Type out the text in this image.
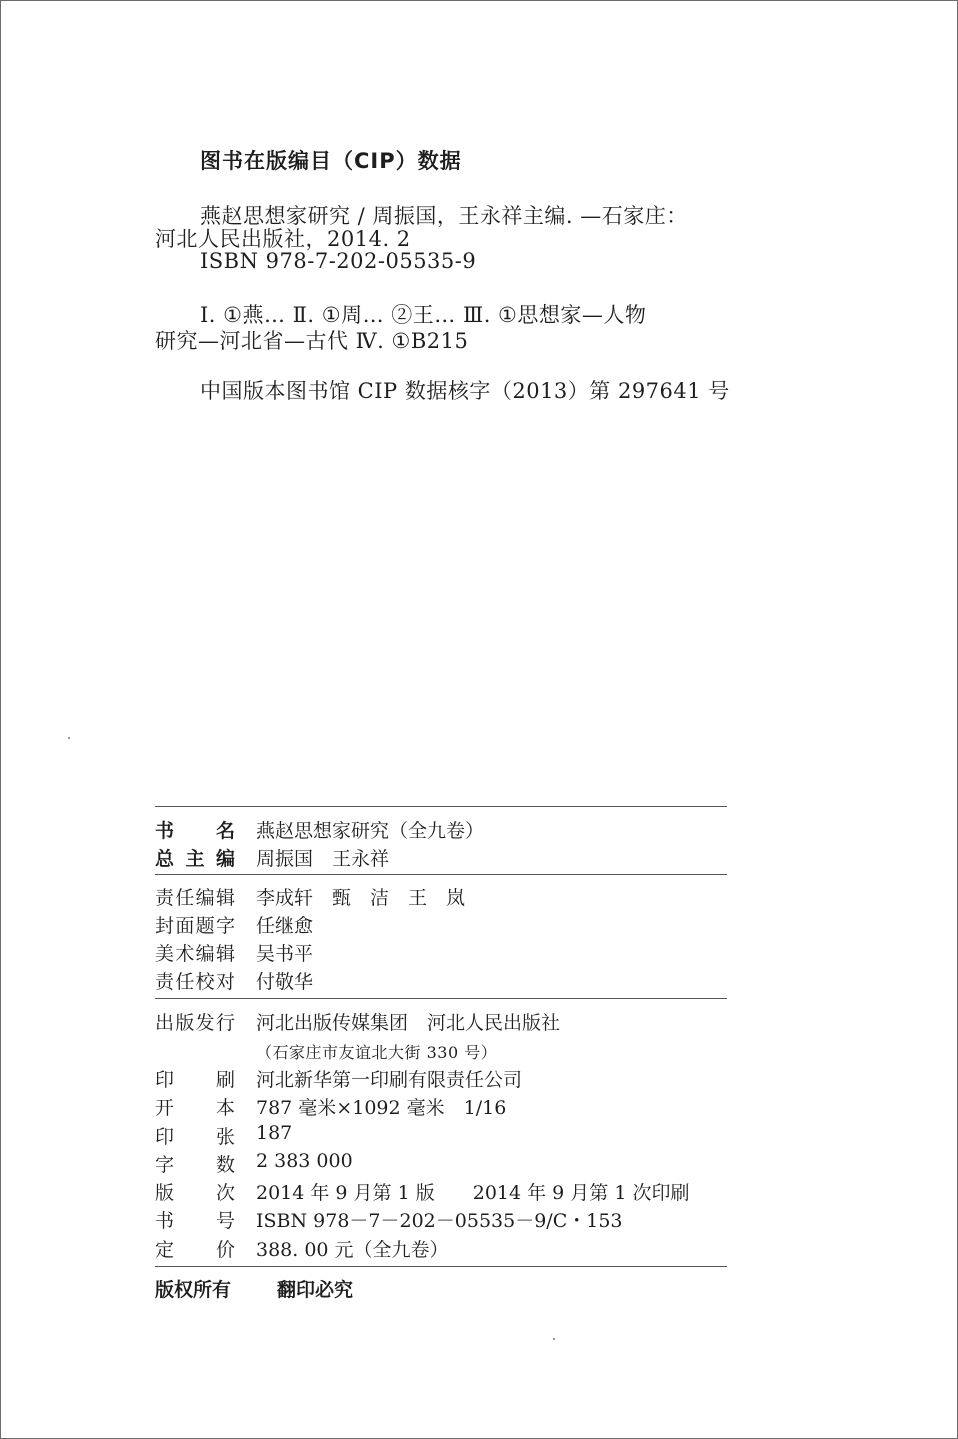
图书在版编目（CIP）数据
燕赵思想家研究 / 周振国，王永祥主编. —石家庄：
河北人民出版社，2014. 2
ISBN 978-7-202-05535-9
Ⅰ. ①燕… Ⅱ. ①周… ②王… Ⅲ. ①思想家—人物
研究—河北省—古代 Ⅳ. ①B215
中国版本图书馆 CIP 数据核字（2013）第 297641 号
书　　名 燕赵思想家研究（全九卷）
总 主 编 周振国　王永祥
责任编辑 李成轩　甄　洁　王　岚
封面题字 任继愈
美术编辑 吴书平
责任校对 付敬华
出版发行 河北出版传媒集团　河北人民出版社
（石家庄市友谊北大街 330 号）
印　　刷 河北新华第一印刷有限责任公司
开　　本 787 毫米×1092 毫米　1/16
印　　张 187
字　　数 2 383 000
版　　次 2014 年 9 月第 1 版　　2014 年 9 月第 1 次印刷
书　　号 ISBN 978－7－202－05535－9/C・153
定　　价 388. 00 元（全九卷）
版权所有 翻印必究
